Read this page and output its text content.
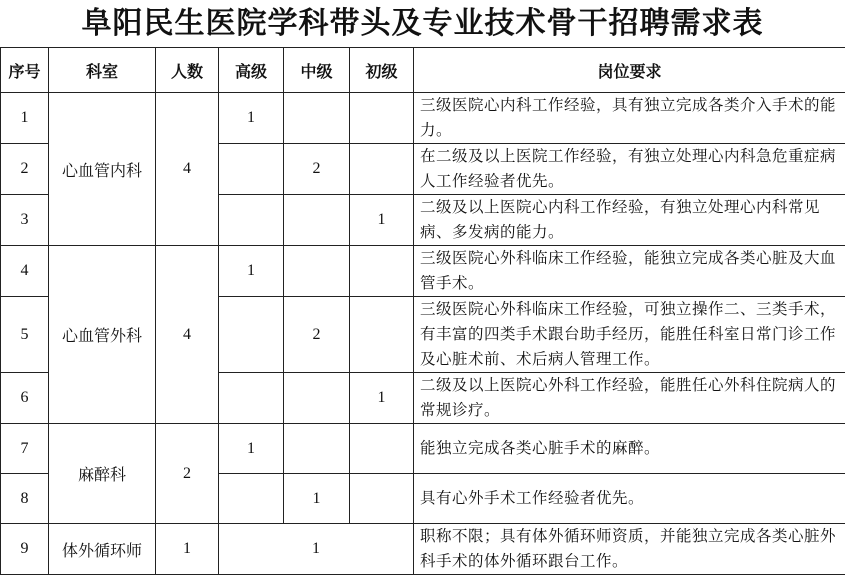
阜阳民生医院学科带头及专业技术骨干招聘需求表
序号	科室	人数	高级	中级	初级	岗位要求
1	心血管内科	4	1			三级医院心内科工作经验，具有独立完成各类介入手术的能力。
2				2		在二级及以上医院工作经验，有独立处理心内科急危重症病人工作经验者优先。
3					1	二级及以上医院心内科工作经验，有独立处理心内科常见病、多发病的能力。
4	心血管外科	4	1			三级医院心外科临床工作经验，能独立完成各类心脏及大血管手术。
5				2		三级医院心外科临床工作经验，可独立操作二、三类手术，有丰富的四类手术跟台助手经历，能胜任科室日常门诊工作及心脏术前、术后病人管理工作。
6					1	二级及以上医院心外科工作经验，能胜任心外科住院病人的常规诊疗。
7	麻醉科	2	1			能独立完成各类心脏手术的麻醉。
8				1		具有心外手术工作经验者优先。
9	体外循环师	1	1			职称不限；具有体外循环师资质，并能独立完成各类心脏外科手术的体外循环跟台工作。
